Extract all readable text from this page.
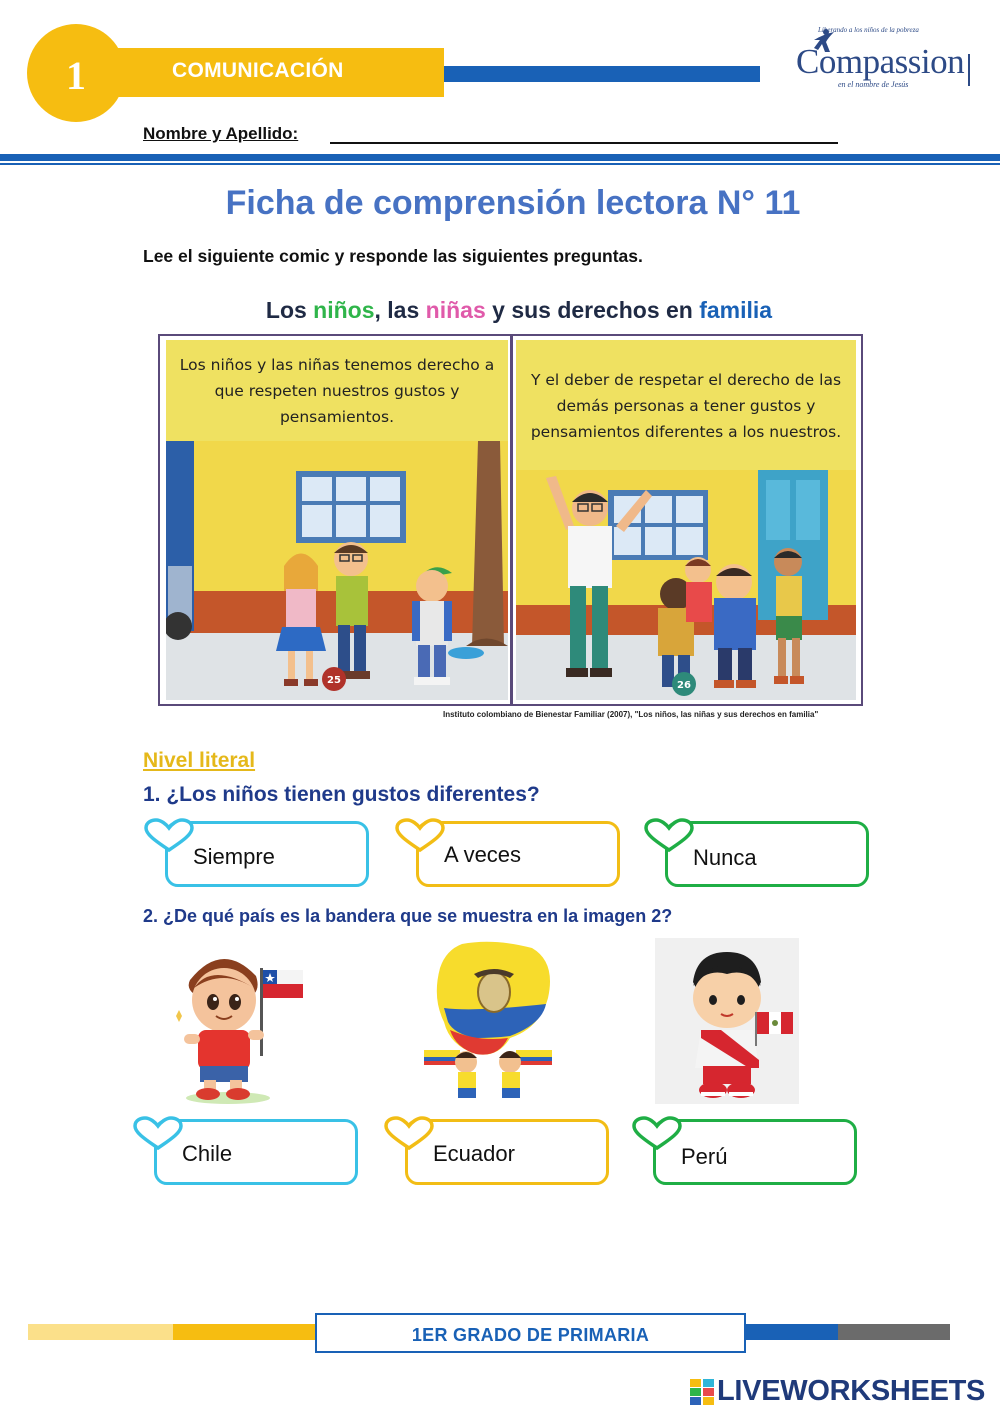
1	COMUNICACIÓN
Liberando a los niños de la pobreza
Compassion
en el nombre de Jesús
Nombre y Apellido:
Ficha de comprensión lectora N° 11

Lee el siguiente comic y responde las siguientes preguntas.

Los niños, las niñas y sus derechos en familia

Los niños y las niñas tenemos derecho a que respeten nuestros gustos y pensamientos.

25

Y el deber de respetar el derecho de las demás personas a tener gustos y pensamientos diferentes a los nuestros.

26
Instituto colombiano de Bienestar Familiar (2007), "Los niños, las niñas y sus derechos en familia"
Nivel literal
1. ¿Los niños tienen gustos diferentes?
Siempre	A veces	Nunca
2. ¿De qué país es la bandera que se muestra en la imagen 2?
Chile	Ecuador	Perú
1ER GRADO DE PRIMARIA
LIVEWORKSHEETS
